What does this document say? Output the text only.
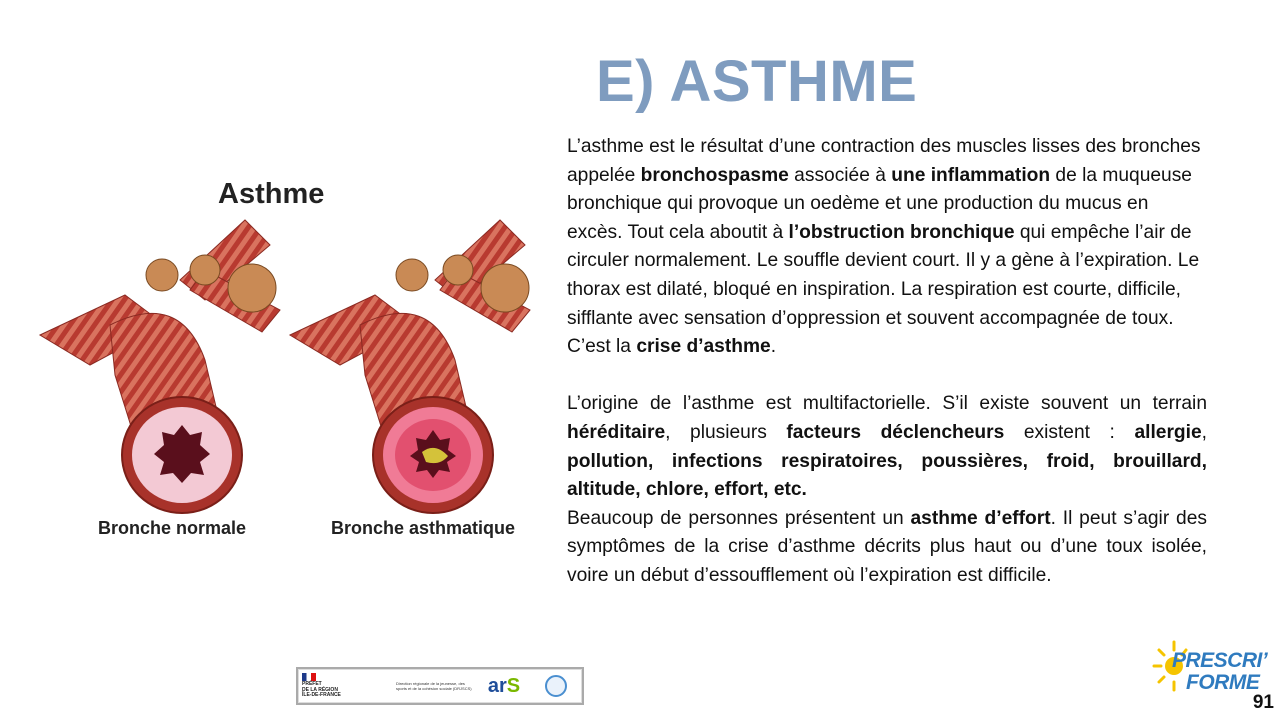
E) ASTHME
Asthme
Bronche normale	Bronche asthmatique

L’asthme est le résultat d’une contraction des muscles lisses des bronches appelée bronchospasme associée à une inflammation de la muqueuse bronchique qui provoque un oedème et une production du mucus en excès. Tout cela aboutit à l’obstruction bronchique qui empêche l’air de circuler normalement. Le souffle devient court. Il y a gène à l’expiration. Le thorax est dilaté, bloqué en inspiration. La respiration est courte, difficile, sifflante avec sensation d’oppression et souvent accompagnée de toux.

C’est la crise d’asthme.

L’origine de l’asthme est multifactorielle. S’il existe souvent un terrain héréditaire, plusieurs facteurs déclencheurs existent : allergie, pollution, infections respiratoires, poussières, froid, brouillard, altitude, chlore, effort, etc.

Beaucoup de personnes présentent un asthme d’effort. Il peut s’agir des symptômes de la crise d’asthme décrits plus haut ou d’une toux isolée, voire un début d’essoufflement où l’expiration est difficile.

PRÉFET
DE LA RÉGION
ÎLE-DE-FRANCE
Direction régionale de la jeunesse, des sports et de la cohésion sociale (DRJSCS) ar S
PRESCRI’
FORME
91
